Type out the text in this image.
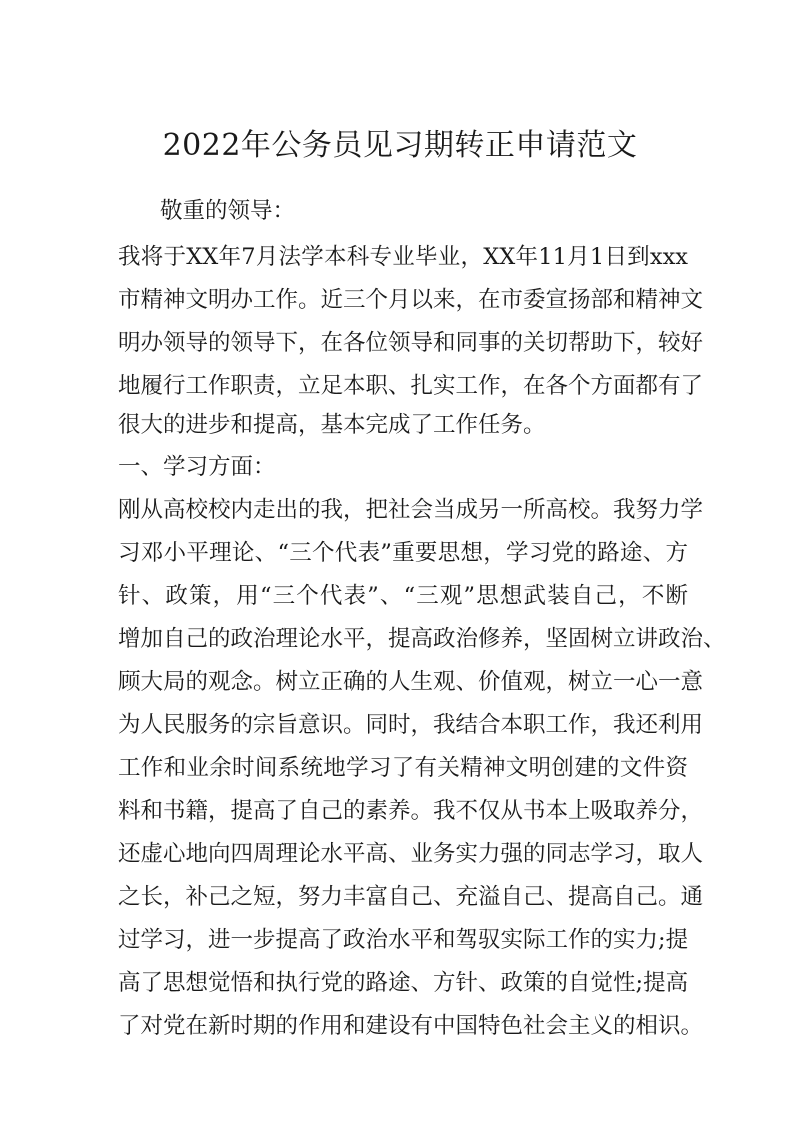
2022年公务员见习期转正申请范文

敬重的领导：

我将于XX年7月法学本科专业毕业，XX年11月1日到xxx

市精神文明办工作。近三个月以来，在市委宣扬部和精神文

明办领导的领导下，在各位领导和同事的关切帮助下，较好

地履行工作职责，立足本职、扎实工作，在各个方面都有了

很大的进步和提高，基本完成了工作任务。

一、学习方面：

刚从高校校内走出的我，把社会当成另一所高校。我努力学

习邓小平理论、“三个代表”重要思想，学习党的路途、方

针、政策，用“三个代表”、“三观”思想武装自己，不断

增加自己的政治理论水平，提高政治修养，坚固树立讲政治、

顾大局的观念。树立正确的人生观、价值观，树立一心一意

为人民服务的宗旨意识。同时，我结合本职工作，我还利用

工作和业余时间系统地学习了有关精神文明创建的文件资

料和书籍，提高了自己的素养。我不仅从书本上吸取养分，

还虚心地向四周理论水平高、业务实力强的同志学习，取人

之长，补己之短，努力丰富自己、充溢自己、提高自己。通

过学习，进一步提高了政治水平和驾驭实际工作的实力;提

高了思想觉悟和执行党的路途、方针、政策的自觉性;提高

了对党在新时期的作用和建设有中国特色社会主义的相识。
